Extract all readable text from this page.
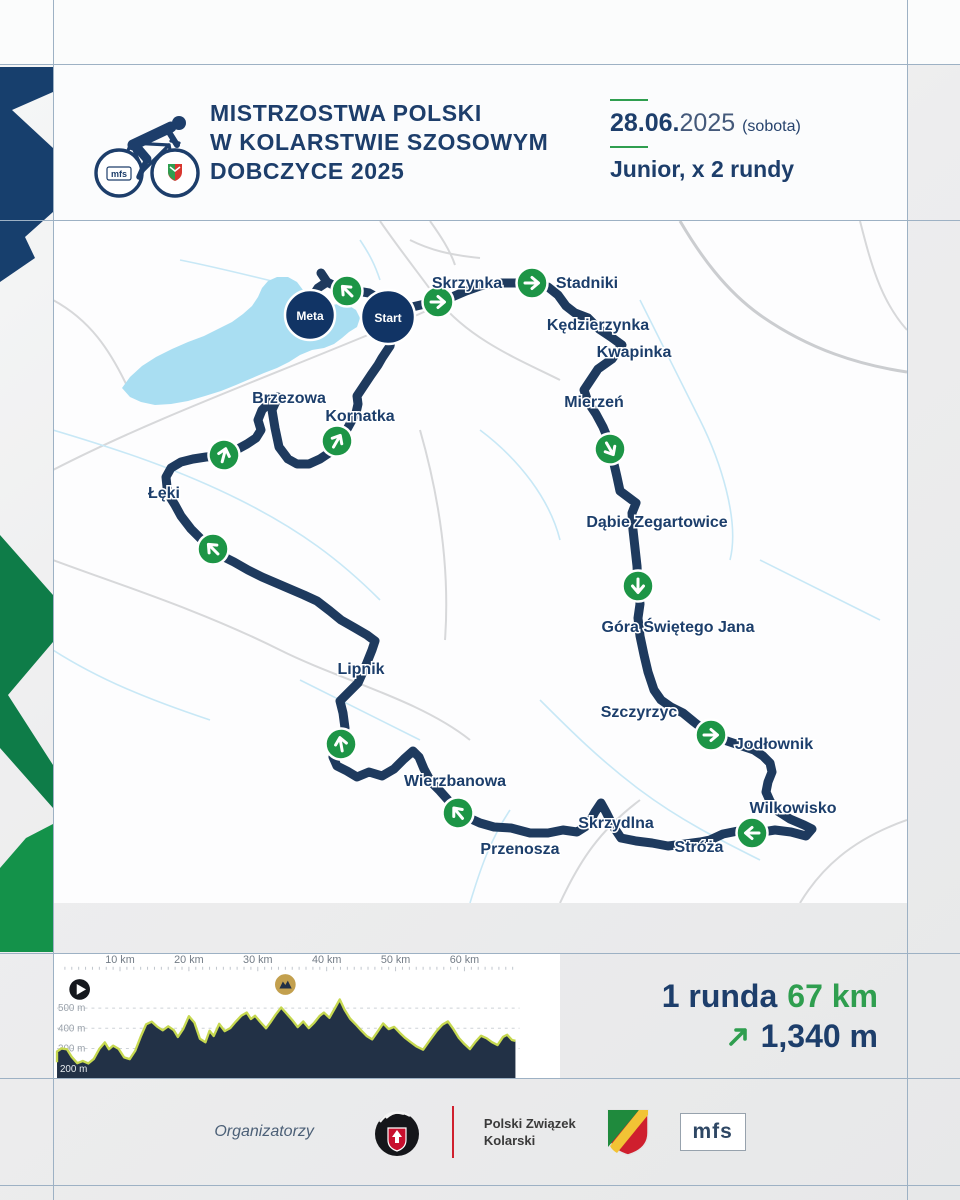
mfs
MISTRZOSTWA POLSKI
W KOLARSTWIE SZOSOWYM
DOBCZYCE 2025
28.06.2025 (sobota)
Junior, x 2 rundy
Meta	Start
Skrzynka	Stadniki
Kędzierzynka
Kwapinka
Mierzeń
Dąbie Zegartowice
Góra Świętego Jana
Szczyrzyc
Jodłownik
Wilkowisko
Stróża
Skrzydlna
Przenosza
Wierzbanowa
Lipnik
Łęki
Brzezowa
Kornatka
500 m
400 m
300 m
200 m
10 km	20 km	30 km	40 km	50 km	60 km
1 runda 67 km
1,340 m
Organizatorzy	Polski Związek
Kolarski	mfs
